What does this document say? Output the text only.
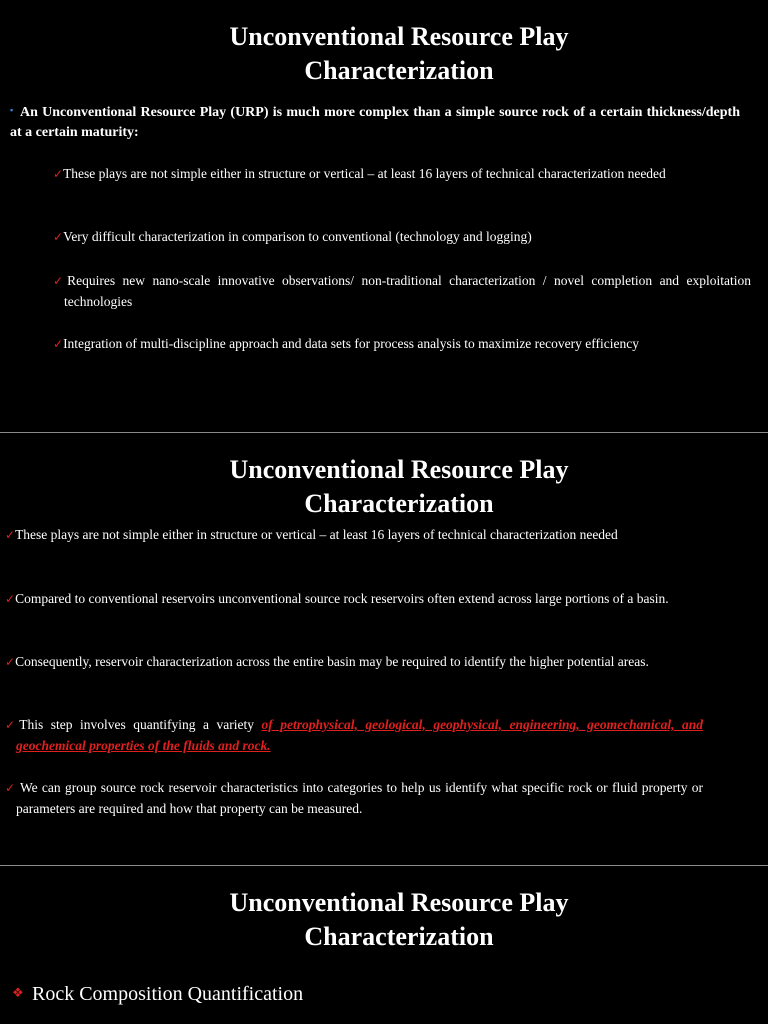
Unconventional Resource Play
Characterization

▪ An Unconventional Resource Play (URP) is much more complex than a simple source rock of a certain thickness/depth at a certain maturity:

✓These plays are not simple either in structure or vertical – at least 16 layers of technical characterization needed

✓Very difficult characterization in comparison to conventional (technology and logging)

✓Requires new nano-scale innovative observations/ non-traditional characterization / novel completion and exploitation technologies

✓Integration of multi-discipline approach and data sets for process analysis to maximize recovery efficiency

Unconventional Resource Play
Characterization

✓These plays are not simple either in structure or vertical – at least 16 layers of technical characterization needed

✓Compared to conventional reservoirs unconventional source rock reservoirs often extend across large portions of a basin.

✓Consequently, reservoir characterization across the entire basin may be required to identify the higher potential areas.

✓This step involves quantifying a variety of petrophysical, geological, geophysical, engineering, geomechanical, and geochemical properties of the fluids and rock.

✓ We can group source rock reservoir characteristics into categories to help us identify what specific rock or fluid property or parameters are required and how that property can be measured.

Unconventional Resource Play
Characterization
❖ Rock Composition Quantification
